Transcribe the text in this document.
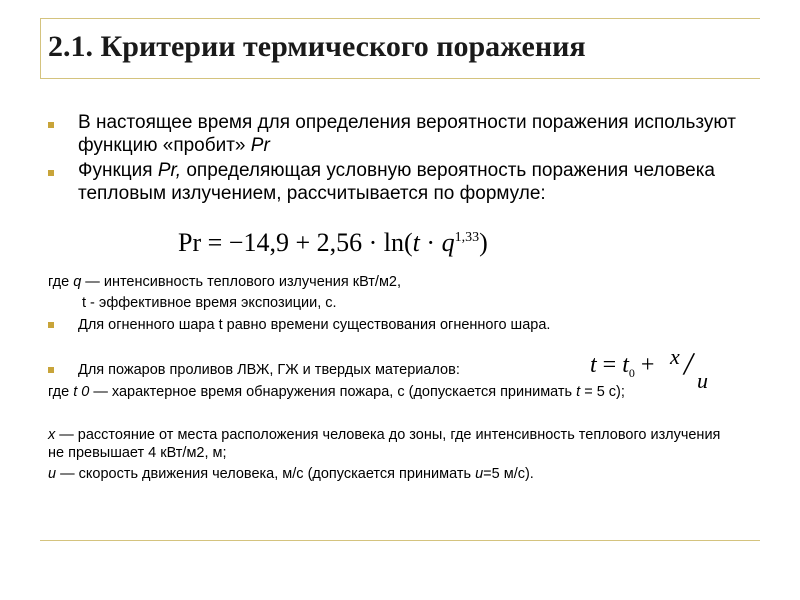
2.1. Критерии термического поражения
В настоящее время для определения вероятности поражения используют функцию «пробит» Pr
Функция Pr, определяющая условную вероятность поражения человека тепловым излучением, рассчитывается по формуле:
$Pr = -14,9 + 2,56 \cdot \ln(t \cdot q^{1,33})$
где q — интенсивность теплового излучения кВт/м2,
t - эффективное время экспозиции, с.
Для огненного шара t равно времени существования огненного шара.
Для пожаров проливов ЛВЖ, ГЖ и твердых материалов:	$t = t_0 + x / u$
где t 0 — характерное время обнаружения пожара, с (допускается принимать t = 5 с);
x — расстояние от места расположения человека до зоны, где интенсивность теплового излучения не превышает 4 кВт/м2, м;
u — скорость движения человека, м/с (допускается принимать u=5 м/с).
